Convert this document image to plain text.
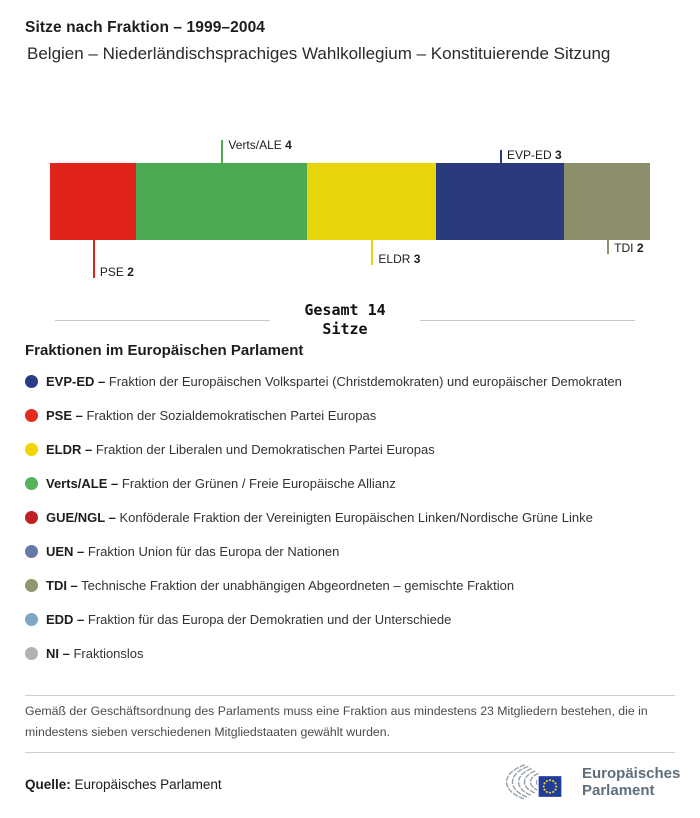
Sitze nach Fraktion – 1999–2004
Belgien – Niederländischsprachiges Wahlkollegium – Konstituierende Sitzung
PSE 2
Verts/ALE 4
ELDR 3
EVP-ED 3
TDI 2
Gesamt 14
Sitze
Fraktionen im Europäischen Parlament
EVP-ED – Fraktion der Europäischen Volkspartei (Christdemokraten) und europäischer Demokraten
PSE – Fraktion der Sozialdemokratischen Partei Europas
ELDR – Fraktion der Liberalen und Demokratischen Partei Europas
Verts/ALE – Fraktion der Grünen / Freie Europäische Allianz
GUE/NGL – Konföderale Fraktion der Vereinigten Europäischen Linken/Nordische Grüne Linke
UEN – Fraktion Union für das Europa der Nationen
TDI – Technische Fraktion der unabhängigen Abgeordneten – gemischte Fraktion
EDD – Fraktion für das Europa der Demokratien und der Unterschiede
NI – Fraktionslos
Gemäß der Geschäftsordnung des Parlaments muss eine Fraktion aus mindestens 23 Mitgliedern bestehen, die in
mindestens sieben verschiedenen Mitgliedstaaten gewählt wurden.
Quelle: Europäisches Parlament
Europäisches
Parlament
